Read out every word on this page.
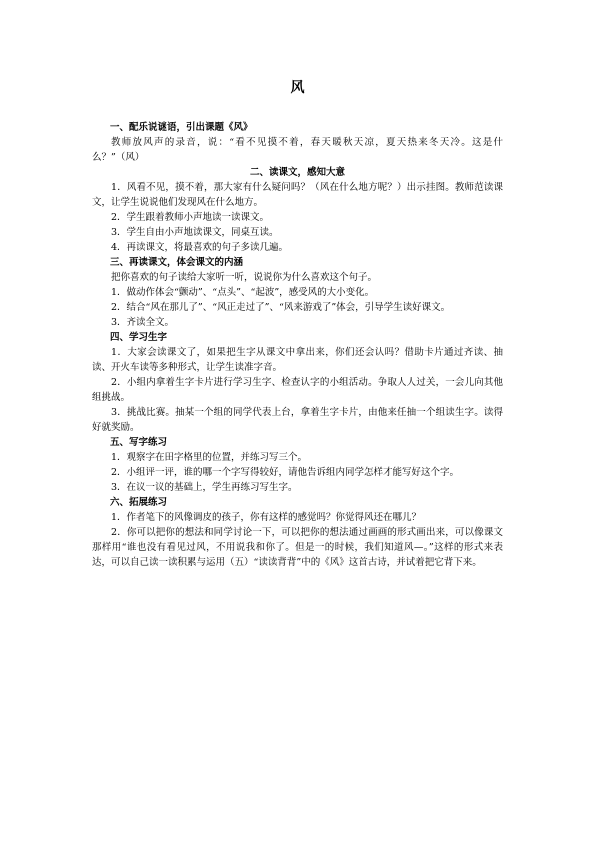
风

一、配乐说谜语，引出课题《风》

教师放风声的录音，说：“看不见摸不着，春天暖秋天凉，夏天热来冬天冷。这是什么？”（风）

二、读课文，感知大意

1．风看不见，摸不着，那大家有什么疑问吗？（风在什么地方呢？）出示挂图。教师范读课文，让学生说说他们发现风在什么地方。

2．学生跟着教师小声地读一读课文。

3．学生自由小声地读课文，同桌互读。

4．再读课文，将最喜欢的句子多读几遍。

三、再读课文，体会课文的内涵

把你喜欢的句子读给大家听一听，说说你为什么喜欢这个句子。

1．做动作体会“颤动”、“点头”、“起波”，感受风的大小变化。

2．结合“风在那儿了”、“风正走过了”、“风来游戏了”体会，引导学生读好课文。

3．齐读全文。

四、学习生字

1．大家会读课文了，如果把生字从课文中拿出来，你们还会认吗？借助卡片通过齐读、抽读、开火车读等多种形式，让学生读准字音。

2．小组内拿着生字卡片进行学习生字、检查认字的小组活动。争取人人过关，一会儿向其他组挑战。

3．挑战比赛。抽某一个组的同学代表上台，拿着生字卡片，由他来任抽一个组读生字。读得好就奖励。

五、写字练习

1．观察字在田字格里的位置，并练习写三个。

2．小组评一评，谁的哪一个字写得较好，请他告诉组内同学怎样才能写好这个字。

3．在议一议的基础上，学生再练习写生字。

六、拓展练习

1．作者笔下的风像调皮的孩子，你有这样的感觉吗？你觉得风还在哪儿？

2．你可以把你的想法和同学讨论一下，可以把你的想法通过画画的形式画出来，可以像课文那样用“谁也没有看见过风，不用说我和你了。但是一的时候，我们知道风—。”这样的形式来表达，可以自己读一读积累与运用（五）“读读背背”中的《风》这首古诗，并试着把它背下来。
